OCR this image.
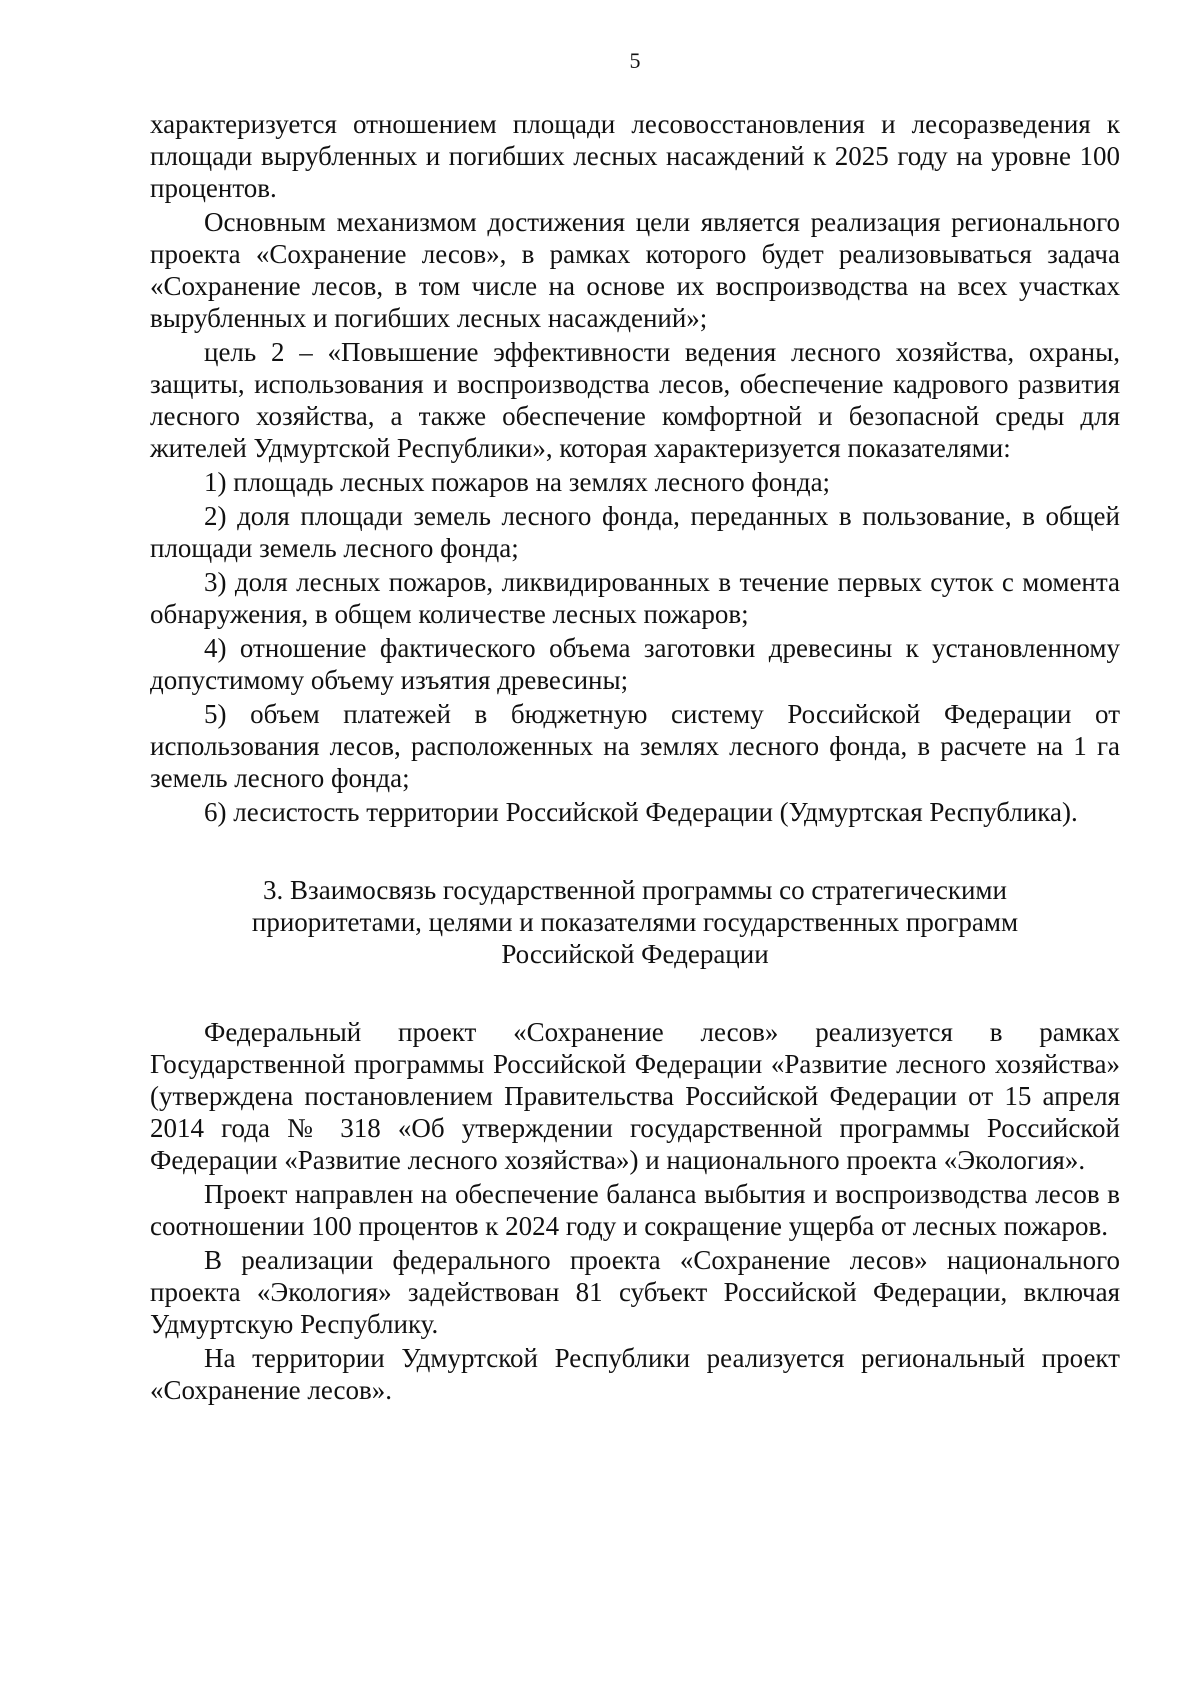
5

характеризуется отношением площади лесовосстановления и лесоразведения к площади вырубленных и погибших лесных насаждений к 2025 году на уровне 100 процентов.

Основным механизмом достижения цели является реализация регионального проекта «Сохранение лесов», в рамках которого будет реализовываться задача «Сохранение лесов, в том числе на основе их воспроизводства на всех участках вырубленных и погибших лесных насаждений»;

цель 2 – «Повышение эффективности ведения лесного хозяйства, охраны, защиты, использования и воспроизводства лесов, обеспечение кадрового развития лесного хозяйства, а также обеспечение комфортной и безопасной среды для жителей Удмуртской Республики», которая характеризуется показателями:

1) площадь лесных пожаров на землях лесного фонда;

2) доля площади земель лесного фонда, переданных в пользование, в общей площади земель лесного фонда;

3) доля лесных пожаров, ликвидированных в течение первых суток с момента обнаружения, в общем количестве лесных пожаров;

4) отношение фактического объема заготовки древесины к установленному допустимому объему изъятия древесины;

5) объем платежей в бюджетную систему Российской Федерации от использования лесов, расположенных на землях лесного фонда, в расчете на 1 га земель лесного фонда;

6) лесистость территории Российской Федерации (Удмуртская Республика).

3. Взаимосвязь государственной программы со стратегическими
приоритетами, целями и показателями государственных программ
Российской Федерации

Федеральный проект «Сохранение лесов» реализуется в рамках Государственной программы Российской Федерации «Развитие лесного хозяйства» (утверждена постановлением Правительства Российской Федерации от 15 апреля 2014 года № 318 «Об утверждении государственной программы Российской Федерации «Развитие лесного хозяйства») и национального проекта «Экология».

Проект направлен на обеспечение баланса выбытия и воспроизводства лесов в соотношении 100 процентов к 2024 году и сокращение ущерба от лесных пожаров.

В реализации федерального проекта «Сохранение лесов» национального проекта «Экология» задействован 81 субъект Российской Федерации, включая Удмуртскую Республику.

На территории Удмуртской Республики реализуется региональный проект «Сохранение лесов».
